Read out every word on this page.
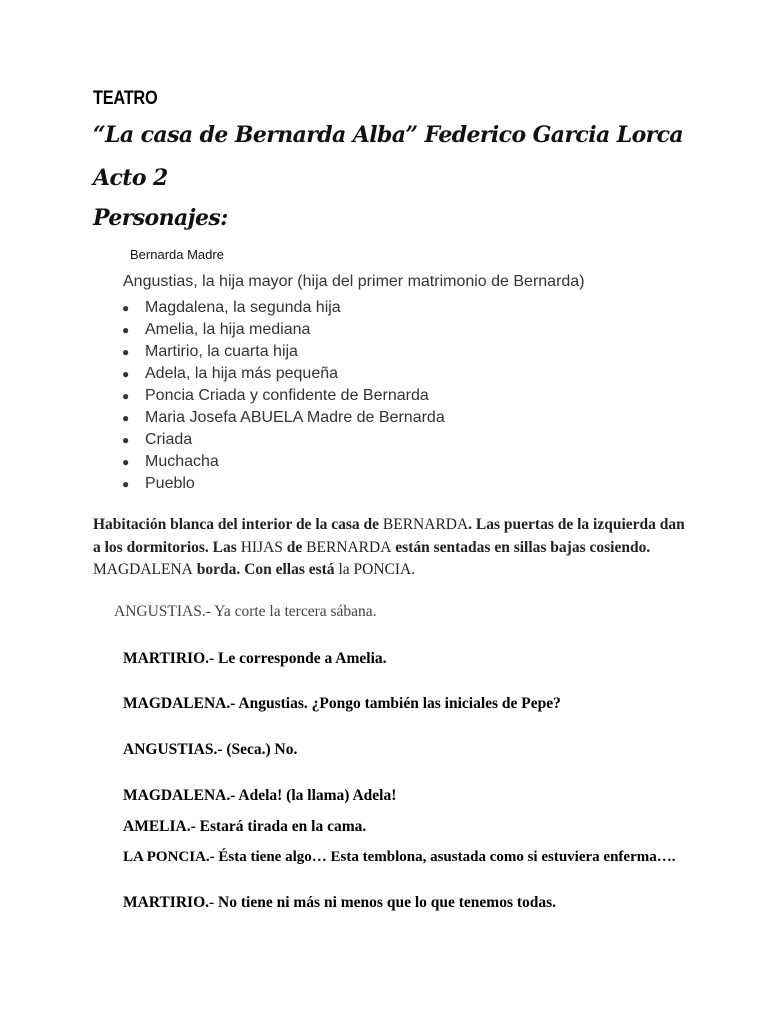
TEATRO
“La casa de Bernarda Alba” Federico Garcia Lorca
Acto 2
Personajes:
Bernarda Madre
Angustias, la hija mayor (hija del primer matrimonio de Bernarda)
● Magdalena, la segunda hija
● Amelia, la hija mediana
● Martirio, la cuarta hija
● Adela, la hija más pequeña
● Poncia Criada y confidente de Bernarda
● Maria Josefa ABUELA Madre de Bernarda
● Criada
● Muchacha
● Pueblo
Habitación blanca del interior de la casa de BERNARDA. Las puertas de la izquierda dan a los dormitorios. Las HIJAS de BERNARDA están sentadas en sillas bajas cosiendo. MAGDALENA borda. Con ellas está la PONCIA.
ANGUSTIAS.- Ya corte la tercera sábana.
MARTIRIO.- Le corresponde a Amelia.
MAGDALENA.- Angustias. ¿Pongo también las iniciales de Pepe?
ANGUSTIAS.- (Seca.) No.
MAGDALENA.- Adela! (la llama) Adela!
AMELIA.- Estará tirada en la cama.
LA PONCIA.- Ésta tiene algo… Esta temblona, asustada como si estuviera enferma….
MARTIRIO.- No tiene ni más ni menos que lo que tenemos todas.
